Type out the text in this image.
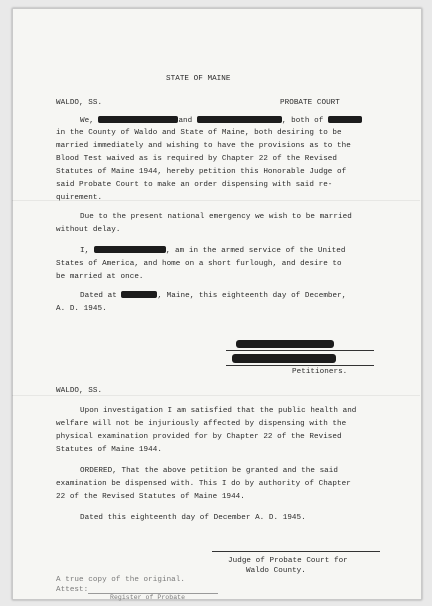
STATE OF MAINE
WALDO, SS.	PROBATE COURT
We,	and	, both of
in the County of Waldo and State of Maine, both desiring to be
married immediately and wishing to have the provisions as to the
Blood Test waived as is required by Chapter 22 of the Revised
Statutes of Maine 1944, hereby petition this Honorable Judge of
said Probate Court to make an order dispensing with said re-
quirement.
Due to the present national emergency we wish to be married
without delay.
I,	, am in the armed service of the United
States of America, and home on a short furlough, and desire to
be married at once.
Dated at	, Maine, this eighteenth day of December,
A. D. 1945.
Petitioners.
WALDO, SS.
Upon investigation I am satisfied that the public health and
welfare will not be injuriously affected by dispensing with the
physical examination provided for by Chapter 22 of the Revised
Statutes of Maine 1944.
ORDERED, That the above petition be granted and the said
examination be dispensed with. This I do by authority of Chapter
22 of the Revised Statutes of Maine 1944.
Dated this eighteenth day of December A. D. 1945.
Judge of Probate Court for
Waldo County.
A true copy of the original.
Attest:
Register of Probate
